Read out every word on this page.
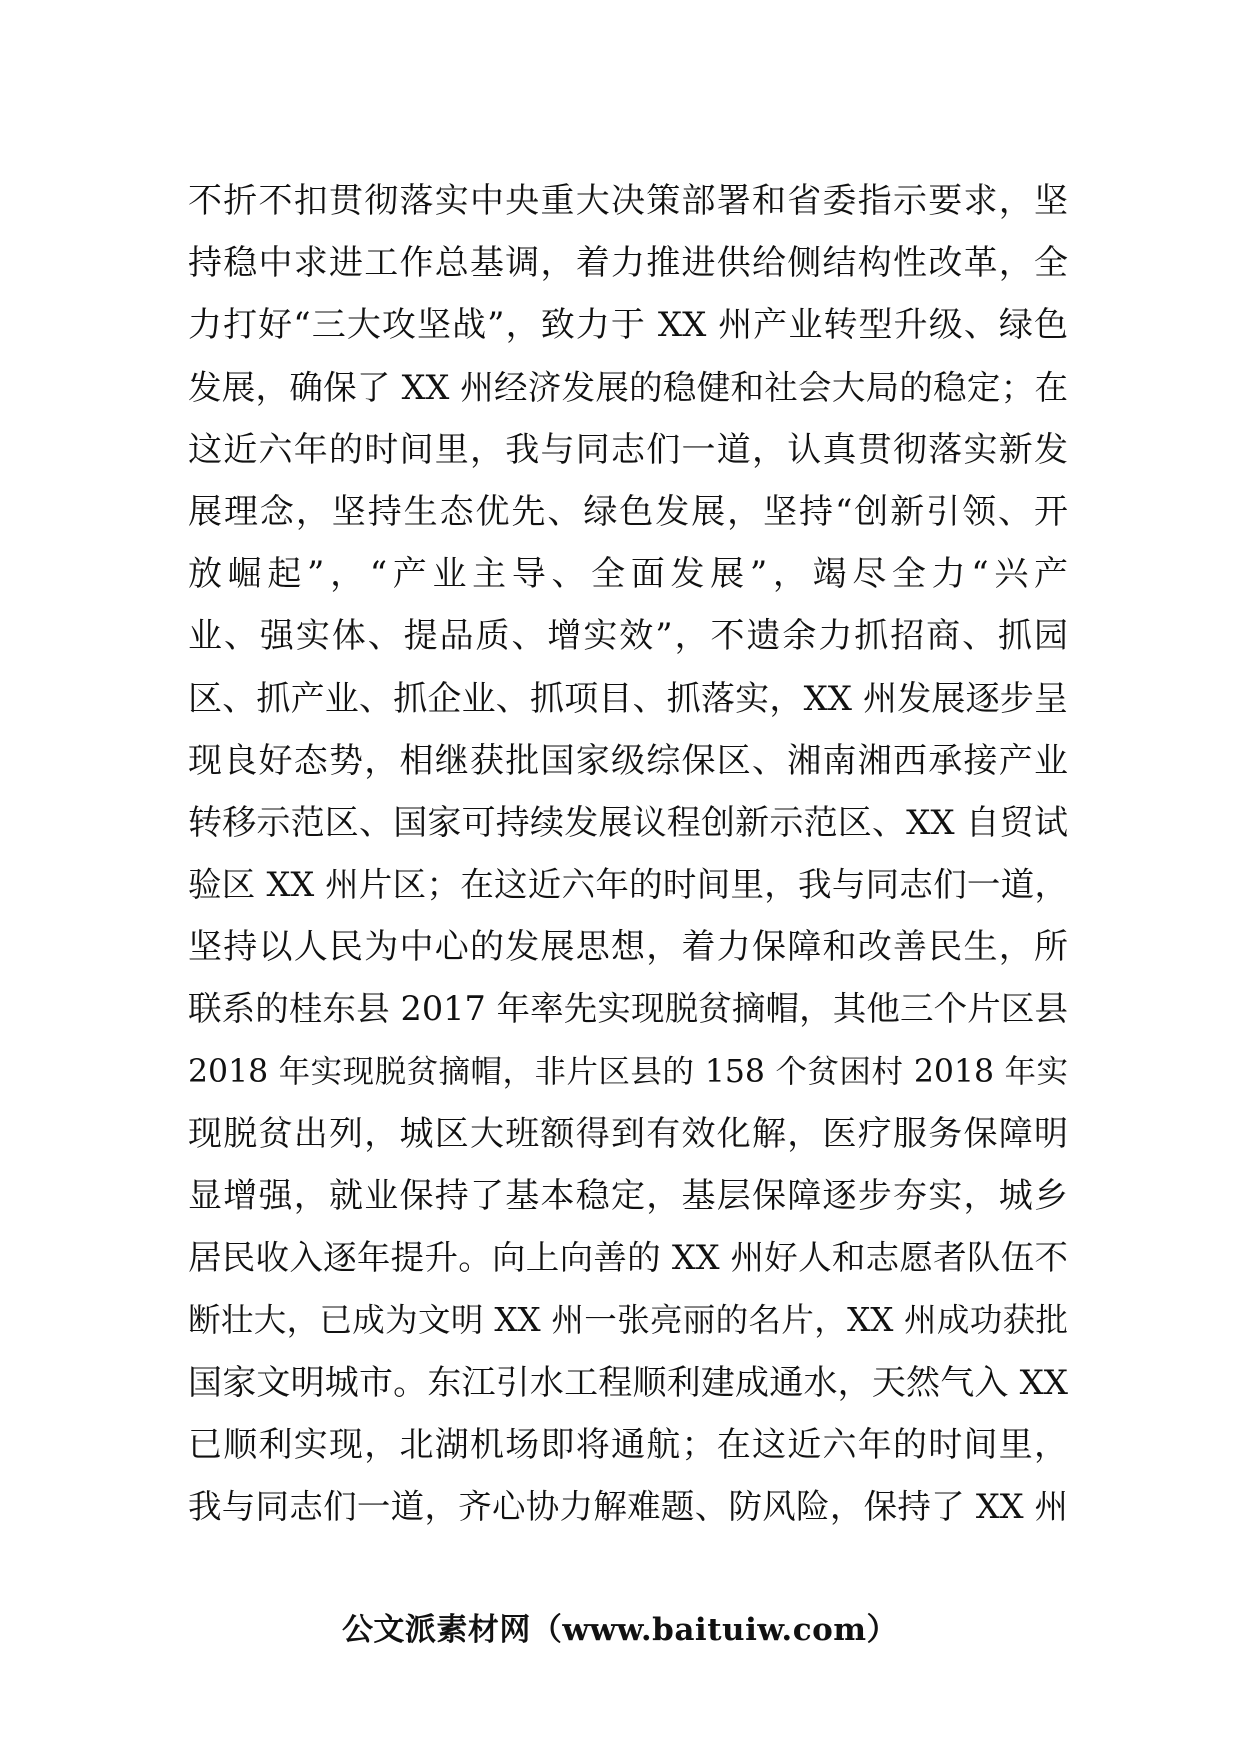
不折不扣贯彻落实中央重大决策部署和省委指示要求，坚
持稳中求进工作总基调，着力推进供给侧结构性改革，全
力打好“三大攻坚战”，致力于 XX 州产业转型升级、绿色
发展，确保了 XX 州经济发展的稳健和社会大局的稳定；在
这近六年的时间里，我与同志们一道，认真贯彻落实新发
展理念，坚持生态优先、绿色发展，坚持“创新引领、开
放崛起”，“产业主导、全面发展”，竭尽全力“兴产
业、强实体、提品质、增实效”，不遗余力抓招商、抓园
区、抓产业、抓企业、抓项目、抓落实，XX 州发展逐步呈
现良好态势，相继获批国家级综保区、湘南湘西承接产业
转移示范区、国家可持续发展议程创新示范区、XX 自贸试
验区 XX 州片区；在这近六年的时间里，我与同志们一道，
坚持以人民为中心的发展思想，着力保障和改善民生，所
联系的桂东县 2017 年率先实现脱贫摘帽，其他三个片区县
2018 年实现脱贫摘帽，非片区县的 158 个贫困村 2018 年实
现脱贫出列，城区大班额得到有效化解，医疗服务保障明
显增强，就业保持了基本稳定，基层保障逐步夯实，城乡
居民收入逐年提升。向上向善的 XX 州好人和志愿者队伍不
断壮大，已成为文明 XX 州一张亮丽的名片，XX 州成功获批
国家文明城市。东江引水工程顺利建成通水，天然气入 XX
已顺利实现，北湖机场即将通航；在这近六年的时间里，
我与同志们一道，齐心协力解难题、防风险，保持了 XX 州
公文派素材网（www.baituiw.com）
